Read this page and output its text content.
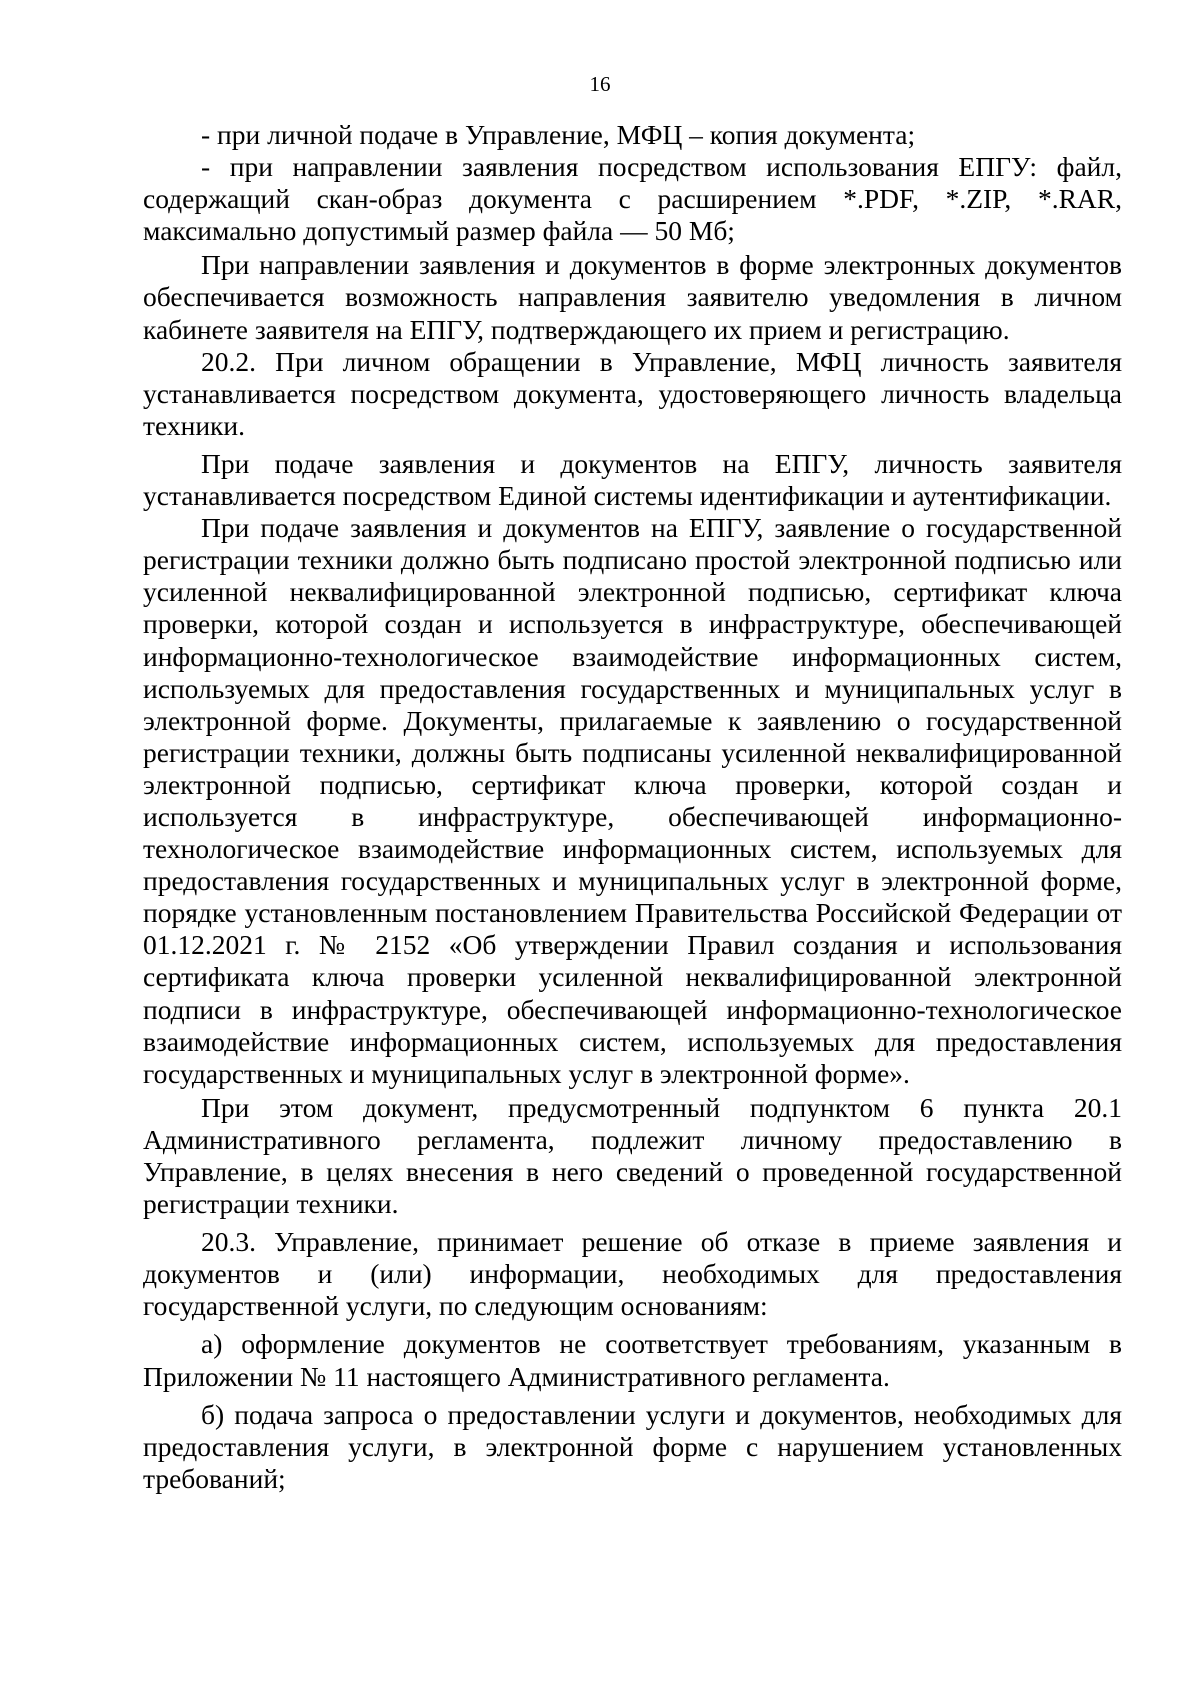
16

- при личной подаче в Управление, МФЦ – копия документа;

- при направлении заявления посредством использования ЕПГУ: файл, содержащий скан-образ документа с расширением *.PDF, *.ZIP, *.RAR, максимально допустимый размер файла — 50 Мб;

При направлении заявления и документов в форме электронных документов обеспечивается возможность направления заявителю уведомления в личном кабинете заявителя на ЕПГУ, подтверждающего их прием и регистрацию.

20.2. При личном обращении в Управление, МФЦ личность заявителя устанавливается посредством документа, удостоверяющего личность владельца техники.

При подаче заявления и документов на ЕПГУ, личность заявителя устанавливается посредством Единой системы идентификации и аутентификации.

При подаче заявления и документов на ЕПГУ, заявление о государственной регистрации техники должно быть подписано простой электронной подписью или усиленной неквалифицированной электронной подписью, сертификат ключа проверки, которой создан и используется в инфраструктуре, обеспечивающей информационно-технологическое взаимодействие информационных систем, используемых для предоставления государственных и муниципальных услуг в электронной форме. Документы, прилагаемые к заявлению о государственной регистрации техники, должны быть подписаны усиленной неквалифицированной электронной подписью, сертификат ключа проверки, которой создан и используется в инфраструктуре, обеспечивающей информационно-технологическое взаимодействие информационных систем, используемых для предоставления государственных и муниципальных услуг в электронной форме, порядке установленным постановлением Правительства Российской Федерации от 01.12.2021 г. № 2152 «Об утверждении Правил создания и использования сертификата ключа проверки усиленной неквалифицированной электронной подписи в инфраструктуре, обеспечивающей информационно-технологическое взаимодействие информационных систем, используемых для предоставления государственных и муниципальных услуг в электронной форме».

При этом документ, предусмотренный подпунктом 6 пункта 20.1 Административного регламента, подлежит личному предоставлению в Управление, в целях внесения в него сведений о проведенной государственной регистрации техники.

20.3. Управление, принимает решение об отказе в приеме заявления и документов и (или) информации, необходимых для предоставления государственной услуги, по следующим основаниям:

а) оформление документов не соответствует требованиям, указанным в Приложении № 11 настоящего Административного регламента.

б) подача запроса о предоставлении услуги и документов, необходимых для предоставления услуги, в электронной форме с нарушением установленных требований;
